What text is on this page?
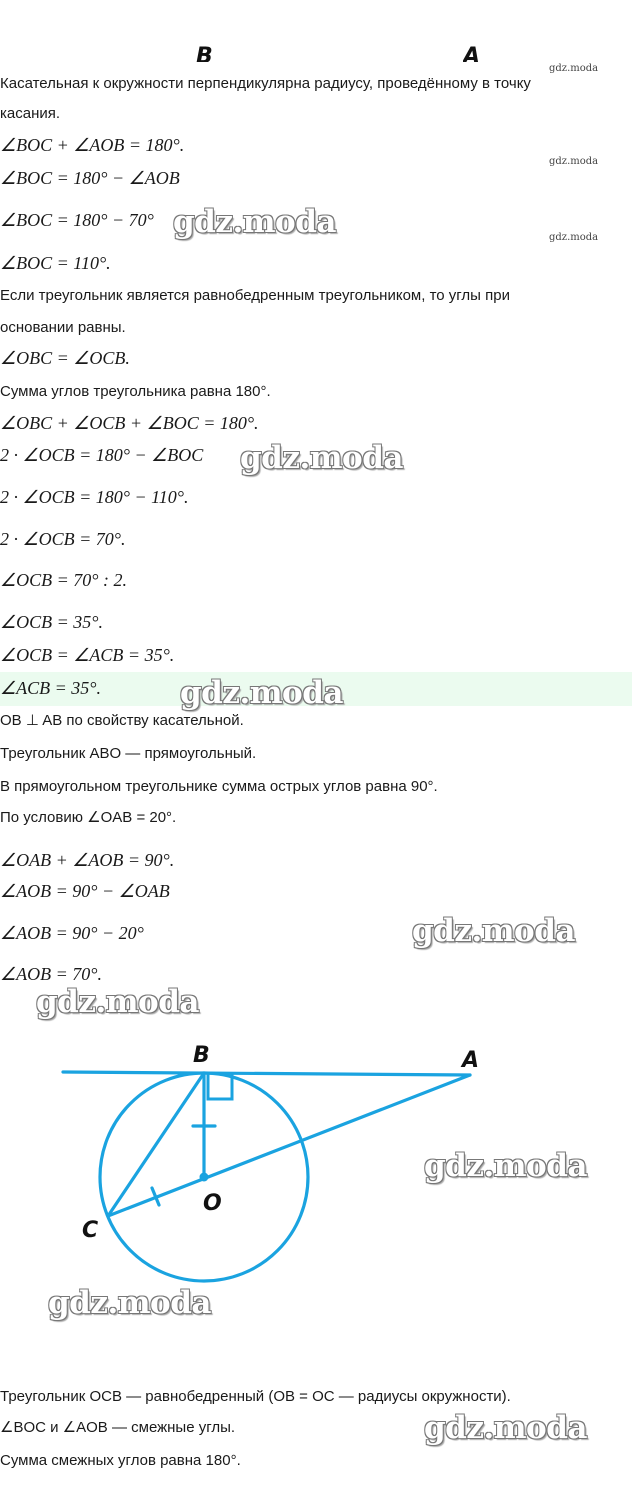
B	A
Касательная к окружности перпендикулярна радиусу, проведённому в точку
касания.
∠BOC + ∠AOB = 180°.
∠BOC = 180° − ∠AOB
∠BOC = 180° − 70°
∠BOC = 110°.
Если треугольник является равнобедренным треугольником, то углы при
основании равны.
∠OBC = ∠OCB.
Сумма углов треугольника равна 180°.
∠OBC + ∠OCB + ∠BOC = 180°.
2 · ∠OCB = 180° − ∠BOC
2 · ∠OCB = 180° − 110°.
2 · ∠OCB = 70°.
∠OCB = 70° : 2.
∠OCB = 35°.
∠OCB = ∠ACB = 35°.
∠ACB = 35°.
OB ⊥ AB по свойству касательной.
Треугольник ABO — прямоугольный.
В прямоугольном треугольнике сумма острых углов равна 90°.
По условию ∠OAB = 20°.
∠OAB + ∠AOB = 90°.
∠AOB = 90° − ∠OAB
∠AOB = 90° − 20°
∠AOB = 70°.
B	A
O
C
Треугольник OCB — равнобедренный (OB = OC — радиусы окружности).
∠BOC и ∠AOB — смежные углы.
Сумма смежных углов равна 180°.
gdz.moda
gdz.moda
gdz.moda
gdz.moda
gdz.moda
gdz.moda
gdz.moda
gdz.moda
gdz.moda
gdz.moda
gdz.moda
